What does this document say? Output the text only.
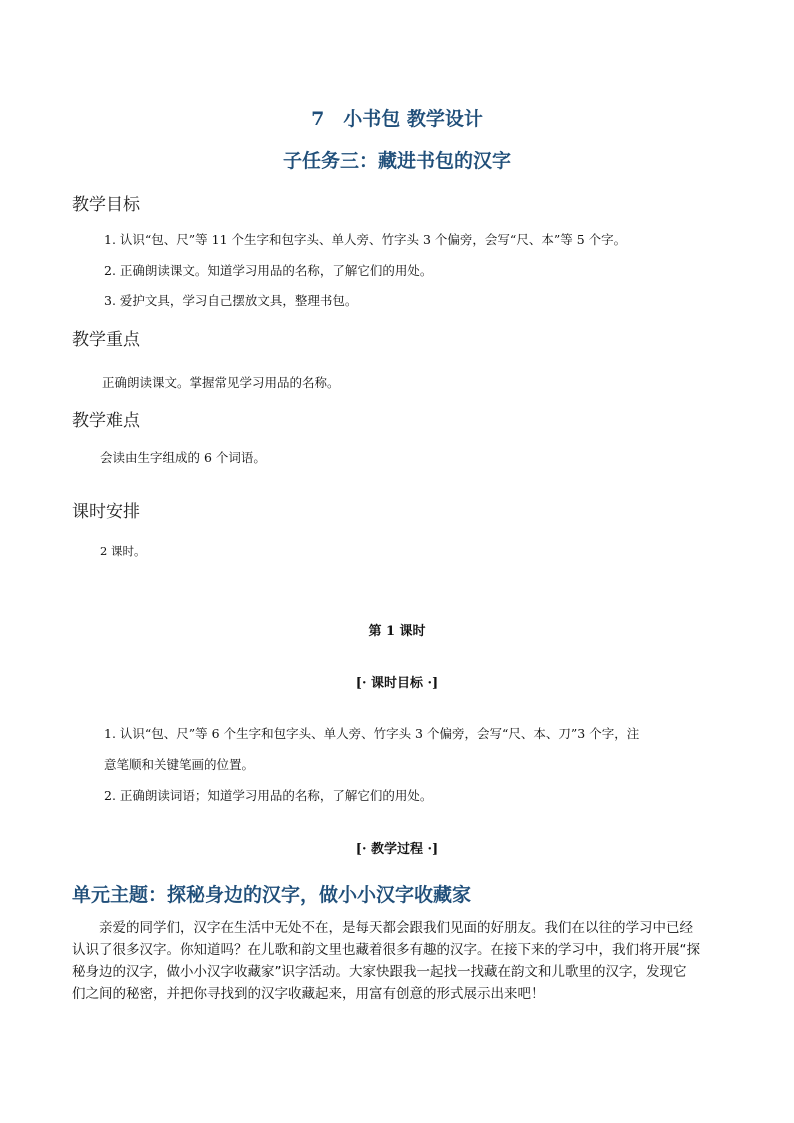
7　小书包 教学设计
子任务三：藏进书包的汉字
教学目标
1. 认识“包、尺”等 11 个生字和包字头、单人旁、竹字头 3 个偏旁，会写“尺、本”等 5 个字。
2. 正确朗读课文。知道学习用品的名称，了解它们的用处。
3. 爱护文具，学习自己摆放文具，整理书包。
教学重点
正确朗读课文。掌握常见学习用品的名称。
教学难点
会读由生字组成的 6 个词语。
课时安排
2 课时。
第 1 课时
[· 课时目标 ·]
1. 认识“包、尺”等 6 个生字和包字头、单人旁、竹字头 3 个偏旁，会写“尺、本、刀”3 个字，注
意笔顺和关键笔画的位置。
2. 正确朗读词语；知道学习用品的名称，了解它们的用处。
[· 教学过程 ·]
单元主题：探秘身边的汉字，做小小汉字收藏家
亲爱的同学们，汉字在生活中无处不在，是每天都会跟我们见面的好朋友。我们在以往的学习中已经
认识了很多汉字。你知道吗？在儿歌和韵文里也藏着很多有趣的汉字。在接下来的学习中，我们将开展“探
秘身边的汉字，做小小汉字收藏家”识字活动。大家快跟我一起找一找藏在韵文和儿歌里的汉字，发现它
们之间的秘密，并把你寻找到的汉字收藏起来，用富有创意的形式展示出来吧！
